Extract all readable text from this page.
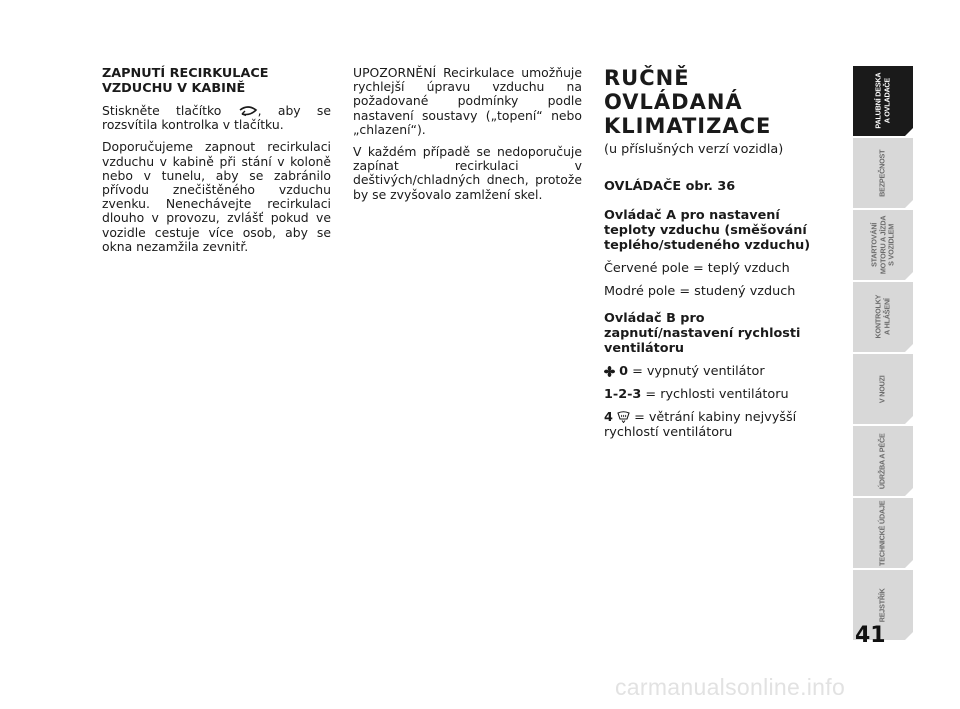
ZAPNUTÍ RECIRKULACE
VZDUCHU V KABINĚ

Stiskněte tlačítko	, aby se rozsvítila kontrolka v tlačítku.

Doporučujeme zapnout recirkulaci vzduchu v kabině při stání v koloně nebo v tunelu, aby se zabránilo přívodu znečištěného vzduchu zvenku. Nenechávejte recirkulaci dlouho v provozu, zvlášť pokud ve vozidle cestuje více osob, aby se okna nezamžila zevnitř.

UPOZORNĚNÍ Recirkulace umožňuje rychlejší úpravu vzduchu na požadované podmínky podle nastavení soustavy („topení“ nebo „chlazení“).

V každém případě se nedoporučuje zapínat recirkulaci v deštivých/chladných dnech, protože by se zvyšovalo zamlžení skel.

RUČNĚ OVLÁDANÁ
KLIMATIZACE

(u příslušných verzí vozidla)

OVLÁDAČE obr. 36

Ovládač A pro nastavení teploty vzduchu (směšování teplého/studeného vzduchu)

Červené pole = teplý vzduch

Modré pole = studený vzduch

Ovládač B pro zapnutí/nastavení rychlosti ventilátoru

0 = vypnutý ventilátor

1-2-3 = rychlosti ventilátoru

4 = větrání kabiny nejvyšší rychlostí ventilátoru

PALUBNÍ DESKA
A OVLADAČE
BEZPEČNOST
STARTOVÁNÍ
MOTORU A JÍZDA
S VOZIDLEM
KONTROLKY
A HLÁŠENÍ
V NOUZI
ÚDRŽBA A PÉČE
TECHNICKÉ ÚDAJE
REJSTŘÍK
41
carmanualsonline.info
